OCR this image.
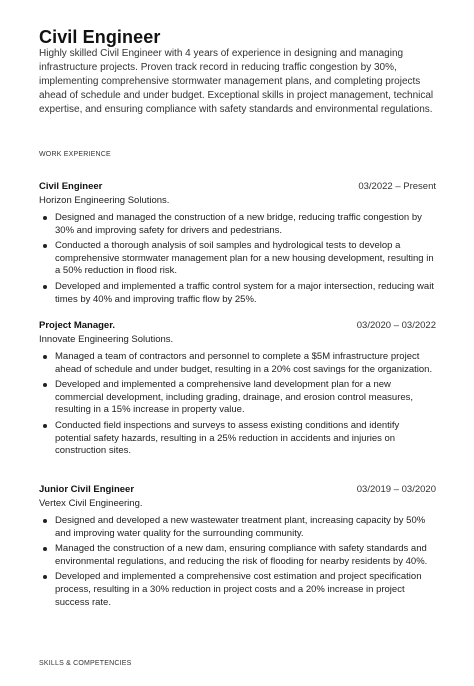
Civil Engineer
Highly skilled Civil Engineer with 4 years of experience in designing and managing infrastructure projects. Proven track record in reducing traffic congestion by 30%, implementing comprehensive stormwater management plans, and completing projects ahead of schedule and under budget. Exceptional skills in project management, technical expertise, and ensuring compliance with safety standards and environmental regulations.
WORK EXPERIENCE
Civil Engineer	03/2022 – Present
Horizon Engineering Solutions.
Designed and managed the construction of a new bridge, reducing traffic congestion by 30% and improving safety for drivers and pedestrians.
Conducted a thorough analysis of soil samples and hydrological tests to develop a comprehensive stormwater management plan for a new housing development, resulting in a 50% reduction in flood risk.
Developed and implemented a traffic control system for a major intersection, reducing wait times by 40% and improving traffic flow by 25%.
Project Manager.	03/2020 – 03/2022
Innovate Engineering Solutions.
Managed a team of contractors and personnel to complete a $5M infrastructure project ahead of schedule and under budget, resulting in a 20% cost savings for the organization.
Developed and implemented a comprehensive land development plan for a new commercial development, including grading, drainage, and erosion control measures, resulting in a 15% increase in property value.
Conducted field inspections and surveys to assess existing conditions and identify potential safety hazards, resulting in a 25% reduction in accidents and injuries on construction sites.
Junior Civil Engineer	03/2019 – 03/2020
Vertex Civil Engineering.
Designed and developed a new wastewater treatment plant, increasing capacity by 50% and improving water quality for the surrounding community.
Managed the construction of a new dam, ensuring compliance with safety standards and environmental regulations, and reducing the risk of flooding for nearby residents by 40%.
Developed and implemented a comprehensive cost estimation and project specification process, resulting in a 30% reduction in project costs and a 20% increase in project success rate.
SKILLS & COMPETENCIES
